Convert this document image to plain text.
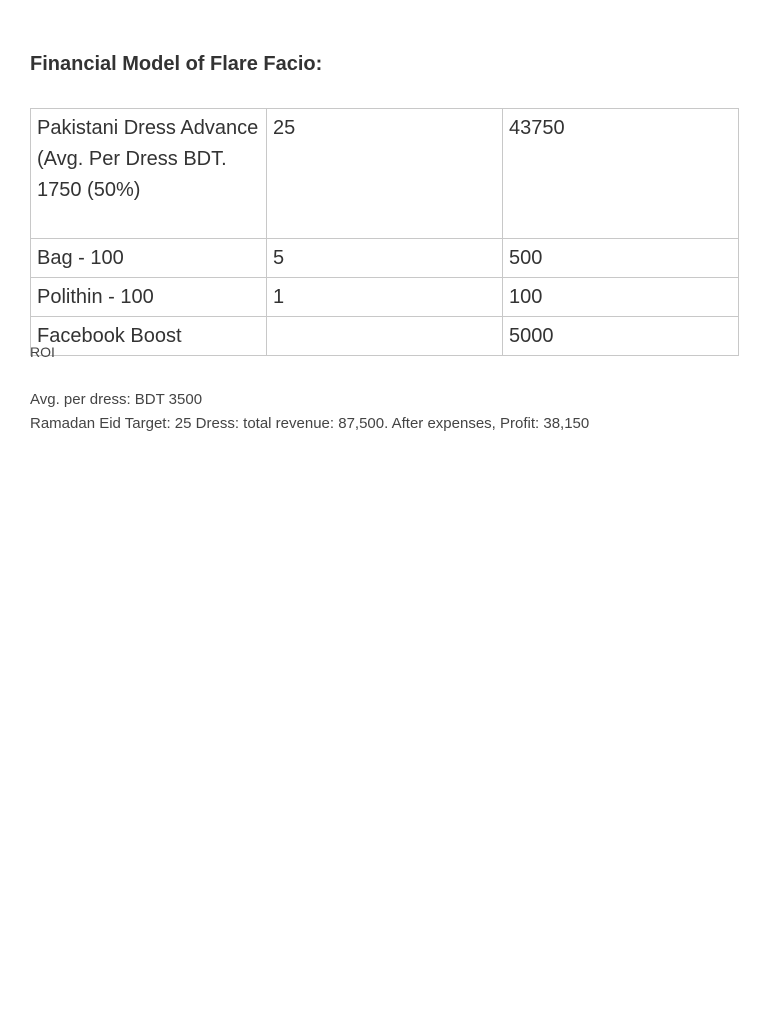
Financial Model of Flare Facio:
Pakistani Dress Advance (Avg. Per Dress BDT. 1750 (50%)	25	43750
Bag - 100	5	500
Polithin - 100	1	100
Facebook Boost		5000
ROI
Avg. per dress: BDT 3500
Ramadan Eid Target: 25 Dress: total revenue: 87,500. After expenses, Profit: 38,150
